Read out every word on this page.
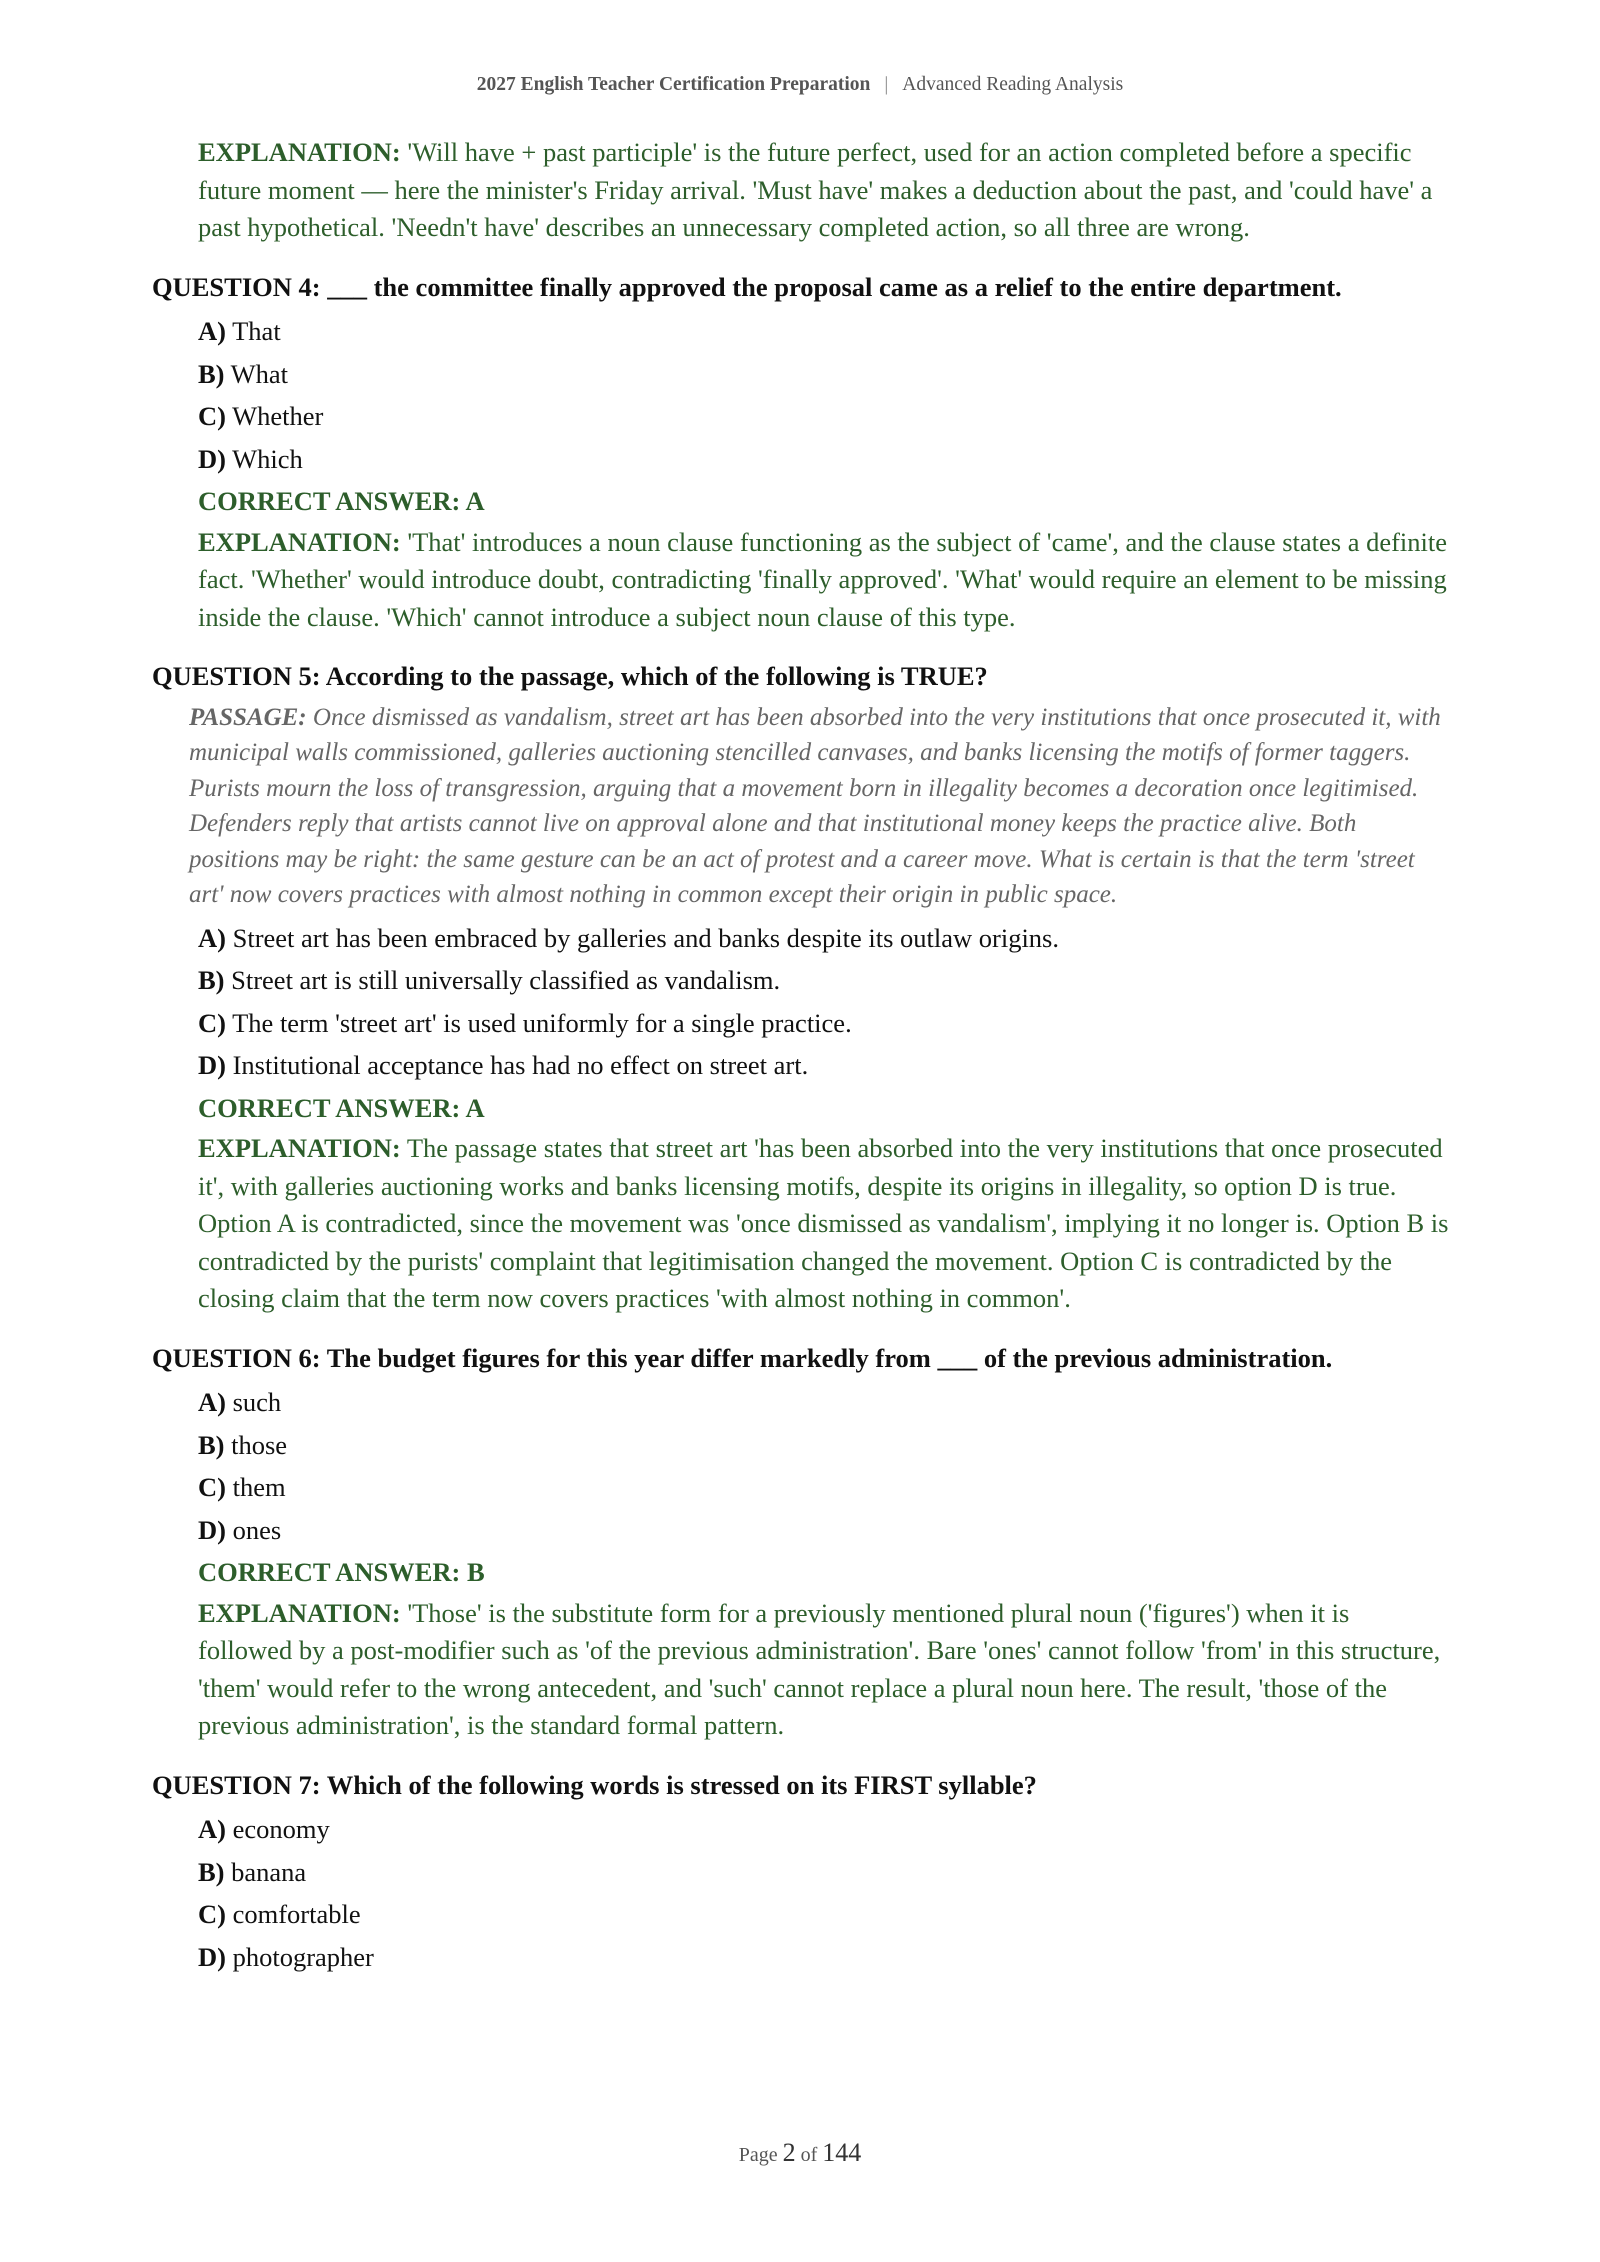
2027 English Teacher Certification Preparation | Advanced Reading Analysis
EXPLANATION: 'Will have + past participle' is the future perfect, used for an action completed before a specific future moment — here the minister's Friday arrival. 'Must have' makes a deduction about the past, and 'could have' a past hypothetical. 'Needn't have' describes an unnecessary completed action, so all three are wrong.
QUESTION 4: ___ the committee finally approved the proposal came as a relief to the entire department.
A) That
B) What
C) Whether
D) Which
CORRECT ANSWER: A
EXPLANATION: 'That' introduces a noun clause functioning as the subject of 'came', and the clause states a definite fact. 'Whether' would introduce doubt, contradicting 'finally approved'. 'What' would require an element to be missing inside the clause. 'Which' cannot introduce a subject noun clause of this type.
QUESTION 5: According to the passage, which of the following is TRUE?
PASSAGE: Once dismissed as vandalism, street art has been absorbed into the very institutions that once prosecuted it, with municipal walls commissioned, galleries auctioning stencilled canvases, and banks licensing the motifs of former taggers. Purists mourn the loss of transgression, arguing that a movement born in illegality becomes a decoration once legitimised. Defenders reply that artists cannot live on approval alone and that institutional money keeps the practice alive. Both positions may be right: the same gesture can be an act of protest and a career move. What is certain is that the term 'street art' now covers practices with almost nothing in common except their origin in public space.
A) Street art has been embraced by galleries and banks despite its outlaw origins.
B) Street art is still universally classified as vandalism.
C) The term 'street art' is used uniformly for a single practice.
D) Institutional acceptance has had no effect on street art.
CORRECT ANSWER: A
EXPLANATION: The passage states that street art 'has been absorbed into the very institutions that once prosecuted it', with galleries auctioning works and banks licensing motifs, despite its origins in illegality, so option D is true. Option A is contradicted, since the movement was 'once dismissed as vandalism', implying it no longer is. Option B is contradicted by the purists' complaint that legitimisation changed the movement. Option C is contradicted by the closing claim that the term now covers practices 'with almost nothing in common'.
QUESTION 6: The budget figures for this year differ markedly from ___ of the previous administration.
A) such
B) those
C) them
D) ones
CORRECT ANSWER: B
EXPLANATION: 'Those' is the substitute form for a previously mentioned plural noun ('figures') when it is followed by a post-modifier such as 'of the previous administration'. Bare 'ones' cannot follow 'from' in this structure, 'them' would refer to the wrong antecedent, and 'such' cannot replace a plural noun here. The result, 'those of the previous administration', is the standard formal pattern.
QUESTION 7: Which of the following words is stressed on its FIRST syllable?
A) economy
B) banana
C) comfortable
D) photographer
Page 2 of 144
